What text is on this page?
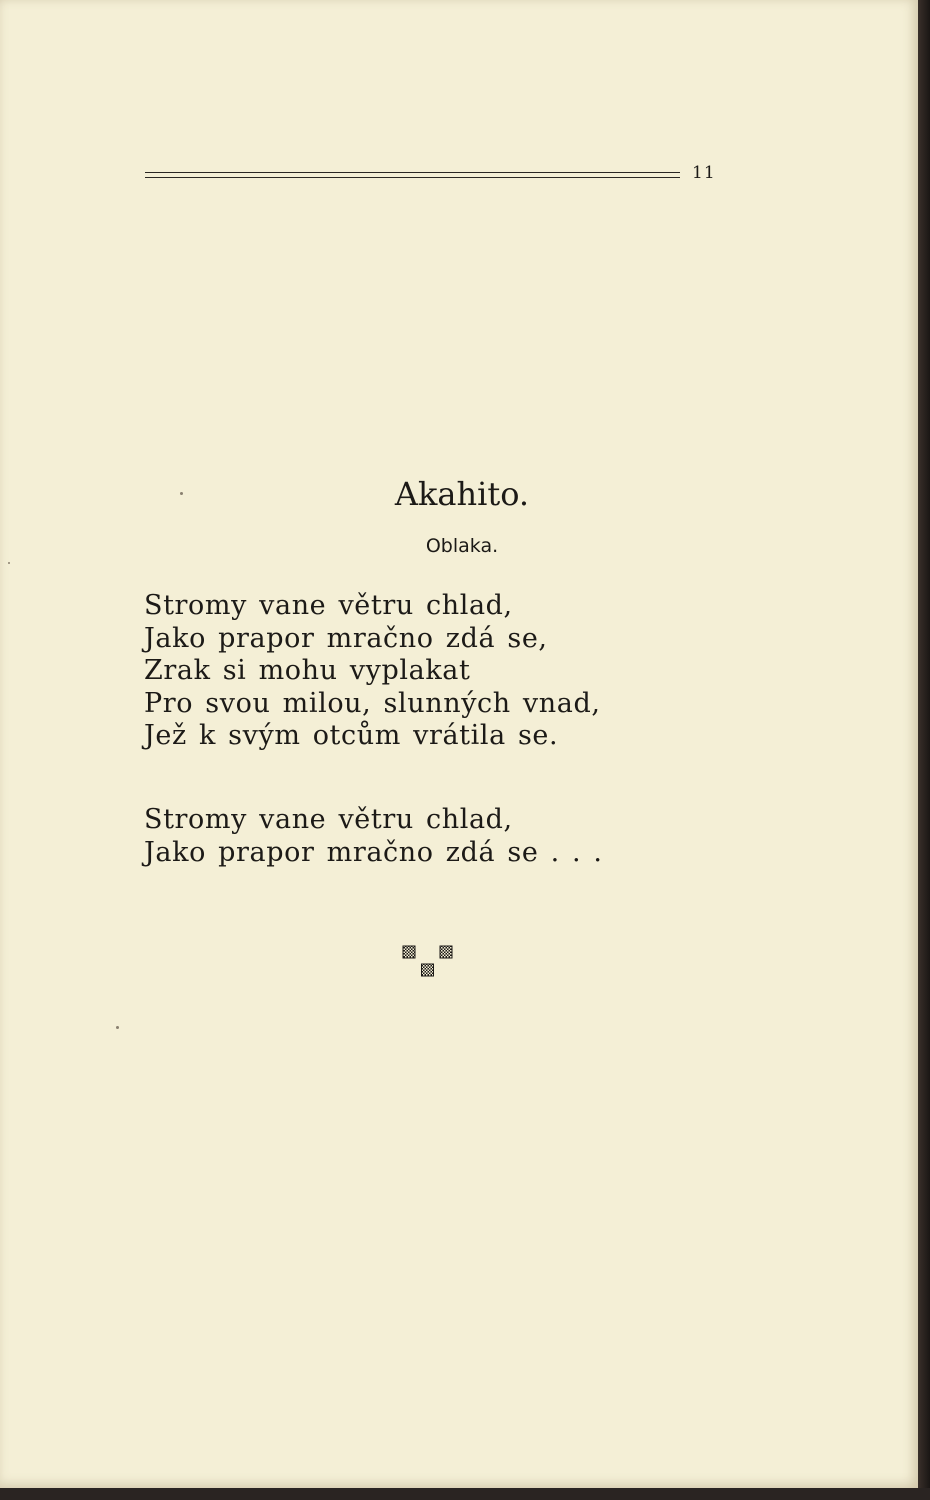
11
Akahito.
Oblaka.
Stromy vane větru chlad,
Jako prapor mračno zdá se,
Zrak si mohu vyplakat
Pro svou milou, slunných vnad,
Jež k svým otcům vrátila se.
Stromy vane větru chlad,
Jako prapor mračno zdá se . . .
